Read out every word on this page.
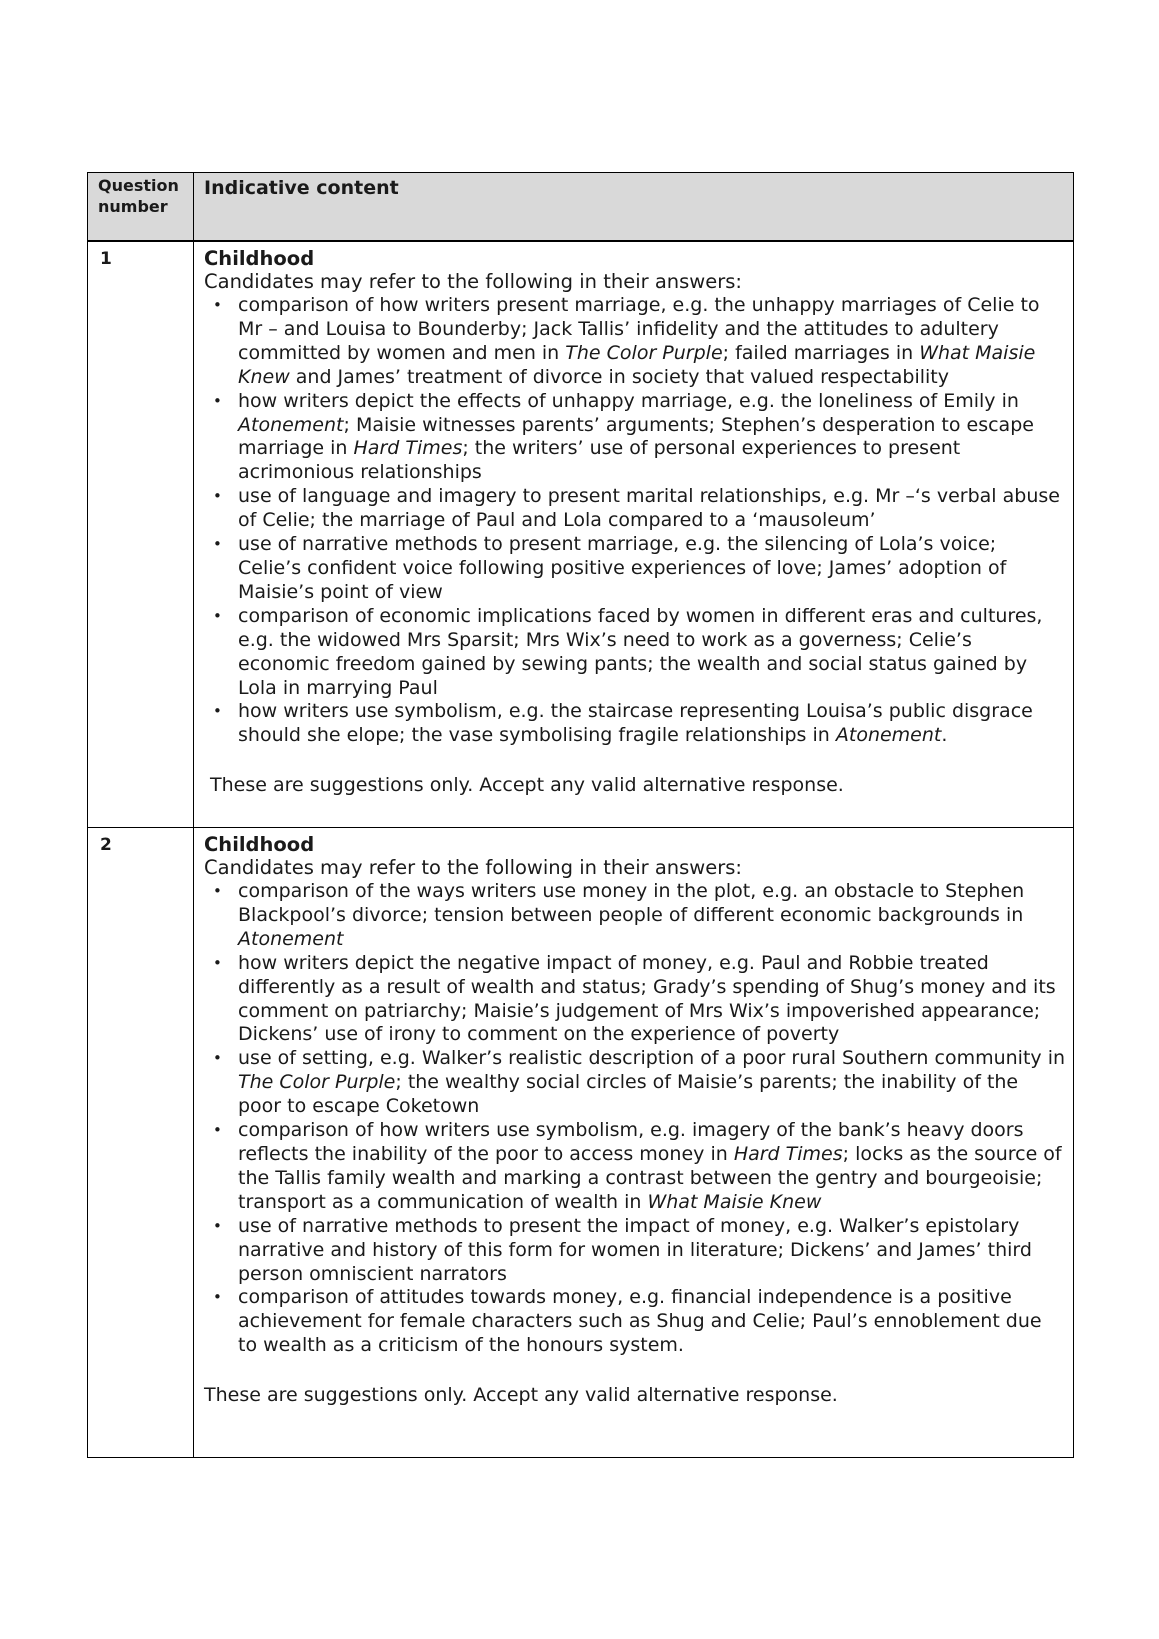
Question number	Indicative content
1	Childhood
Candidates may refer to the following in their answers:
• comparison of how writers present marriage, e.g. the unhappy marriages of Celie to Mr – and Louisa to Bounderby; Jack Tallis’ infidelity and the attitudes to adultery committed by women and men in The Color Purple; failed marriages in What Maisie Knew and James’ treatment of divorce in society that valued respectability
• how writers depict the effects of unhappy marriage, e.g. the loneliness of Emily in Atonement; Maisie witnesses parents’ arguments; Stephen’s desperation to escape marriage in Hard Times; the writers’ use of personal experiences to present acrimonious relationships
• use of language and imagery to present marital relationships, e.g. Mr –‘s verbal abuse of Celie; the marriage of Paul and Lola compared to a ‘mausoleum’
• use of narrative methods to present marriage, e.g. the silencing of Lola’s voice; Celie’s confident voice following positive experiences of love; James’ adoption of Maisie’s point of view
• comparison of economic implications faced by women in different eras and cultures, e.g. the widowed Mrs Sparsit; Mrs Wix’s need to work as a governess; Celie’s economic freedom gained by sewing pants; the wealth and social status gained by Lola in marrying Paul
• how writers use symbolism, e.g. the staircase representing Louisa’s public disgrace should she elope; the vase symbolising fragile relationships in Atonement.
These are suggestions only. Accept any valid alternative response.

2	Childhood
Candidates may refer to the following in their answers:
• comparison of the ways writers use money in the plot, e.g. an obstacle to Stephen Blackpool’s divorce; tension between people of different economic backgrounds in Atonement
• how writers depict the negative impact of money, e.g. Paul and Robbie treated differently as a result of wealth and status; Grady’s spending of Shug’s money and its comment on patriarchy; Maisie’s judgement of Mrs Wix’s impoverished appearance; Dickens’ use of irony to comment on the experience of poverty
• use of setting, e.g. Walker’s realistic description of a poor rural Southern community in The Color Purple; the wealthy social circles of Maisie’s parents; the inability of the poor to escape Coketown
• comparison of how writers use symbolism, e.g. imagery of the bank’s heavy doors reflects the inability of the poor to access money in Hard Times; locks as the source of the Tallis family wealth and marking a contrast between the gentry and bourgeoisie; transport as a communication of wealth in What Maisie Knew
• use of narrative methods to present the impact of money, e.g. Walker’s epistolary narrative and history of this form for women in literature; Dickens’ and James’ third person omniscient narrators
• comparison of attitudes towards money, e.g. financial independence is a positive achievement for female characters such as Shug and Celie; Paul’s ennoblement due to wealth as a criticism of the honours system.
These are suggestions only. Accept any valid alternative response.
